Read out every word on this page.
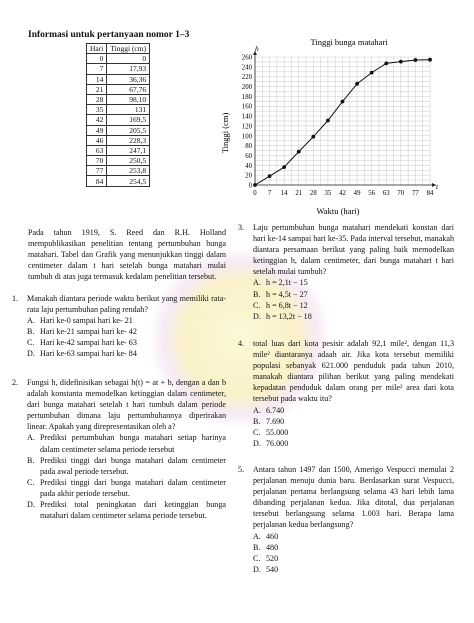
Informasi untuk pertanyaan nomor 1–3
Hari	Tinggi (cm)
0	0
7	17,93
14	36,36
21	67,76
28	98,10
35	131
42	169,5
49	205,5
46	228,3
63	247,1
70	250,5
77	253,8
84	254,5
Tinggi bunga matahari
h
t
Tinggi (cm)
Waktu (hari)
0
20
40
60
80
100
120
140
160
180
200
220
240
260
0 7 14 21 28 35 42 49 56 63 70 77 84
Pada tahun 1919, S. Reed dan R.H. Holland mempublikasikan penelitian tentang pertumbuhan bunga matahari. Tabel dan Grafik yang menunjukkan tinggi dalam centimeter dalam t hari setelah bunga matahari mulai tumbuh di atas juga termasuk kedalam penelitian tersebut.
1. Manakah diantara periode waktu berikut yang memiliki rata-rata laju pertumbuhan paling rendah?
A. Hari ke-0 sampai hari ke- 21
B. Hari ke-21 sampai hari ke- 42
C. Hari ke-42 sampai hari ke- 63
D. Hari ke-63 sampai hari ke- 84
2. Fungsi h, didefinisikan sebagai h(t) = at + b, dengan a dan b adalah konstanta memodelkan ketinggian dalam centimeter, dari bunga matahari setelah t hari tumbuh dalam periode pertumbuhan dimana laju pertumbuhannya diperirakan linear. Apakah yang direpresentasikan oleh a?
A. Prediksi pertumbuhan bunga matahari setiap harinya dalam centimeter selama periode tersebut
B. Prediksi tinggi dari bunga matahari dalam centimeter pada awal periode tersebut.
C. Prediksi tinggi dari bunga matahari dalam centimeter pada akhir periode tersebut.
D. Prediksi total peningkatan dari ketinggian bunga matahari dalam centimeter selama periode tersebut.
3. Laju pertumbuhan bunga matahari mendekati konstan dari hari ke-14 sampai hari ke-35. Pada interval tersebut, manakah diantara persamaan berikut yang paling baik memodelkan ketinggian h, dalam centimeter, dari bunga matahari t hari setelah mulai tumbuh?
A. h = 2,1t − 15
B. h = 4,5t − 27
C. h = 6,8t − 12
D. h = 13,2t − 18
4. total luas dari kota pesisir adalah 92,1 mile², dengan 11,3 mile² diantaranya adaah air. Jika kota tersebut memiliki populasi sebanyak 621.000 penduduk pada tahun 2010, manakah diantara pilihan berikut yang paling mendekati kepadatan penduduk dalam orang per mile² area dari kota tersebut pada waktu itu?
A. 6.740
B. 7.690
C. 55.000
D. 76.000
5. Antara tahun 1497 dan 1500, Amerigo Vespucci memulai 2 perjalanan menuju dunia baru. Berdasarkan surat Vespucci, perjalanan pertama berlangsung selama 43 hari lebih lama dibanding perjalanan kedua. Jika ditotal, dua perjalanan tersebut berlangsung selama 1.003 hari. Berapa lama perjalanan kedua berlangsung?
A. 460
B. 480
C. 520
D. 540
